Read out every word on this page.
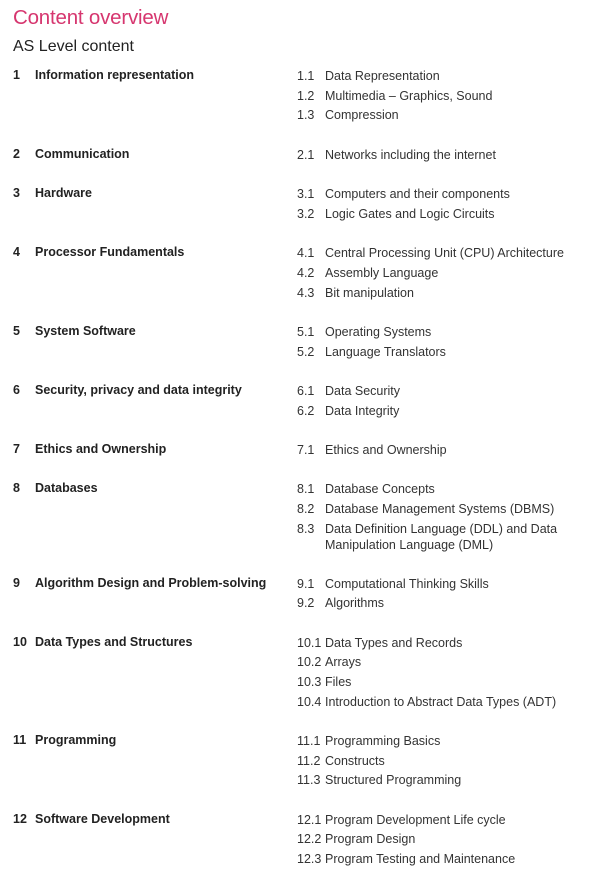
Content overview
AS Level content
1 Information representation	1.1 Data Representation
1.2 Multimedia – Graphics, Sound
1.3 Compression
2 Communication	2.1 Networks including the internet
3 Hardware	3.1 Computers and their components
3.2 Logic Gates and Logic Circuits
4 Processor Fundamentals	4.1 Central Processing Unit (CPU) Architecture
4.2 Assembly Language
4.3 Bit manipulation
5 System Software	5.1 Operating Systems
5.2 Language Translators
6 Security, privacy and data integrity	6.1 Data Security
6.2 Data Integrity
7 Ethics and Ownership	7.1 Ethics and Ownership
8 Databases	8.1 Database Concepts
8.2 Database Management Systems (DBMS)
8.3 Data Definition Language (DDL) and Data Manipulation Language (DML)
9 Algorithm Design and Problem-solving 9.1 Computational Thinking Skills
9.2 Algorithms
10 Data Types and Structures	10.1 Data Types and Records
10.2 Arrays
10.3 Files
10.4 Introduction to Abstract Data Types (ADT)
11 Programming	11.1 Programming Basics
11.2 Constructs
11.3 Structured Programming
12 Software Development	12.1 Program Development Life cycle
12.2 Program Design
12.3 Program Testing and Maintenance
